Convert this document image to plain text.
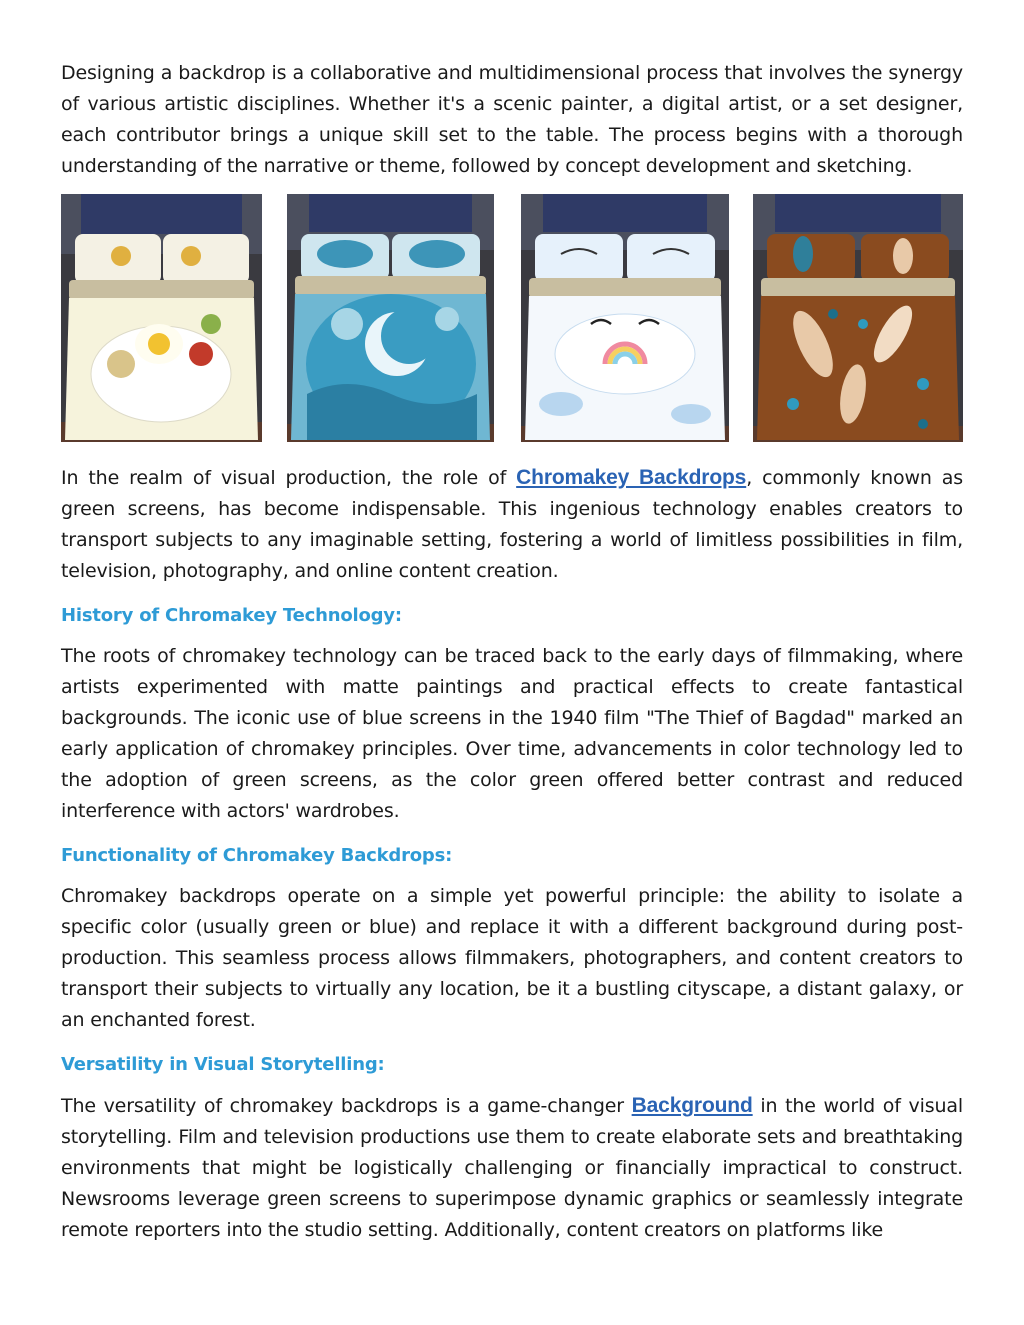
Designing a backdrop is a collaborative and multidimensional process that involves the synergy of various artistic disciplines. Whether it's a scenic painter, a digital artist, or a set designer, each contributor brings a unique skill set to the table. The process begins with a thorough understanding of the narrative or theme, followed by concept development and sketching.

In the realm of visual production, the role of Chromakey Backdrops, commonly known as green screens, has become indispensable. This ingenious technology enables creators to transport subjects to any imaginable setting, fostering a world of limitless possibilities in film, television, photography, and online content creation.

History of Chromakey Technology:

The roots of chromakey technology can be traced back to the early days of filmmaking, where artists experimented with matte paintings and practical effects to create fantastical backgrounds. The iconic use of blue screens in the 1940 film "The Thief of Bagdad" marked an early application of chromakey principles. Over time, advancements in color technology led to the adoption of green screens, as the color green offered better contrast and reduced interference with actors' wardrobes.

Functionality of Chromakey Backdrops:

Chromakey backdrops operate on a simple yet powerful principle: the ability to isolate a specific color (usually green or blue) and replace it with a different background during post-production. This seamless process allows filmmakers, photographers, and content creators to transport their subjects to virtually any location, be it a bustling cityscape, a distant galaxy, or an enchanted forest.

Versatility in Visual Storytelling:

The versatility of chromakey backdrops is a game-changer Background in the world of visual storytelling. Film and television productions use them to create elaborate sets and breathtaking environments that might be logistically challenging or financially impractical to construct. Newsrooms leverage green screens to superimpose dynamic graphics or seamlessly integrate remote reporters into the studio setting. Additionally, content creators on platforms like
